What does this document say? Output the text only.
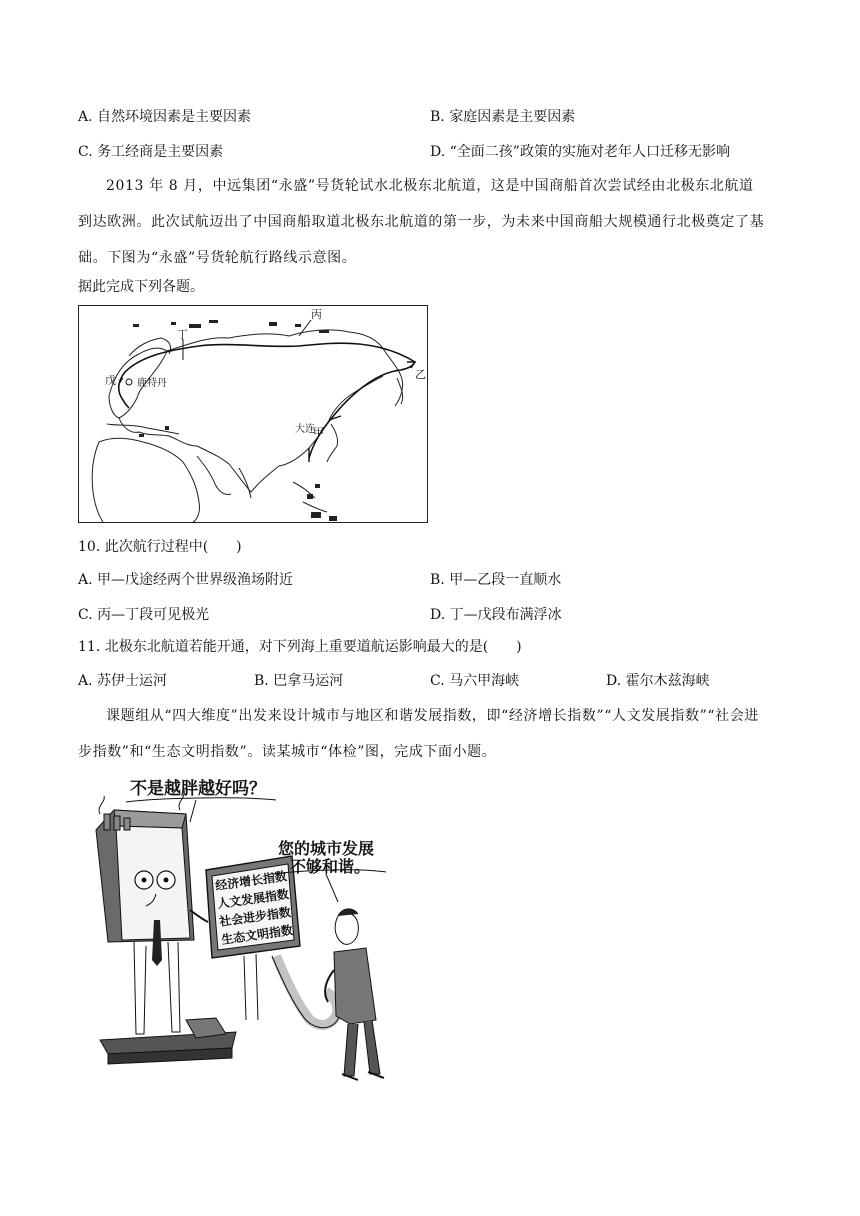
A. 自然环境因素是主要因素	B. 家庭因素是主要因素
C. 务工经商是主要因素	D. “全面二孩”政策的实施对老年人口迁移无影响
2013 年 8 月，中远集团“永盛”号货轮试水北极东北航道，这是中国商船首次尝试经由北极东北航道到达欧洲。此次试航迈出了中国商船取道北极东北航道的第一步，为未来中国商船大规模通行北极奠定了基础。下图为“永盛”号货轮航行路线示意图。
据此完成下列各题。
丙
丁
戊	乙
甲
鹿特丹
大连
10. 此次航行过程中(　　)
A. 甲—戊途经两个世界级渔场附近	B. 甲—乙段一直顺水
C. 丙—丁段可见极光	D. 丁—戊段布满浮冰
11. 北极东北航道若能开通，对下列海上重要道航运影响最大的是(　　)
A. 苏伊士运河	B. 巴拿马运河	C. 马六甲海峡	D. 霍尔木兹海峡
课题组从“四大维度”出发来设计城市与地区和谐发展指数，即“经济增长指数”“人文发展指数”“社会进步指数”和“生态文明指数”。读某城市“体检”图，完成下面小题。
不是越胖越好吗？
经济增长指数
人文发展指数
社会进步指数
生态文明指数
您的城市发展
不够和谐。
